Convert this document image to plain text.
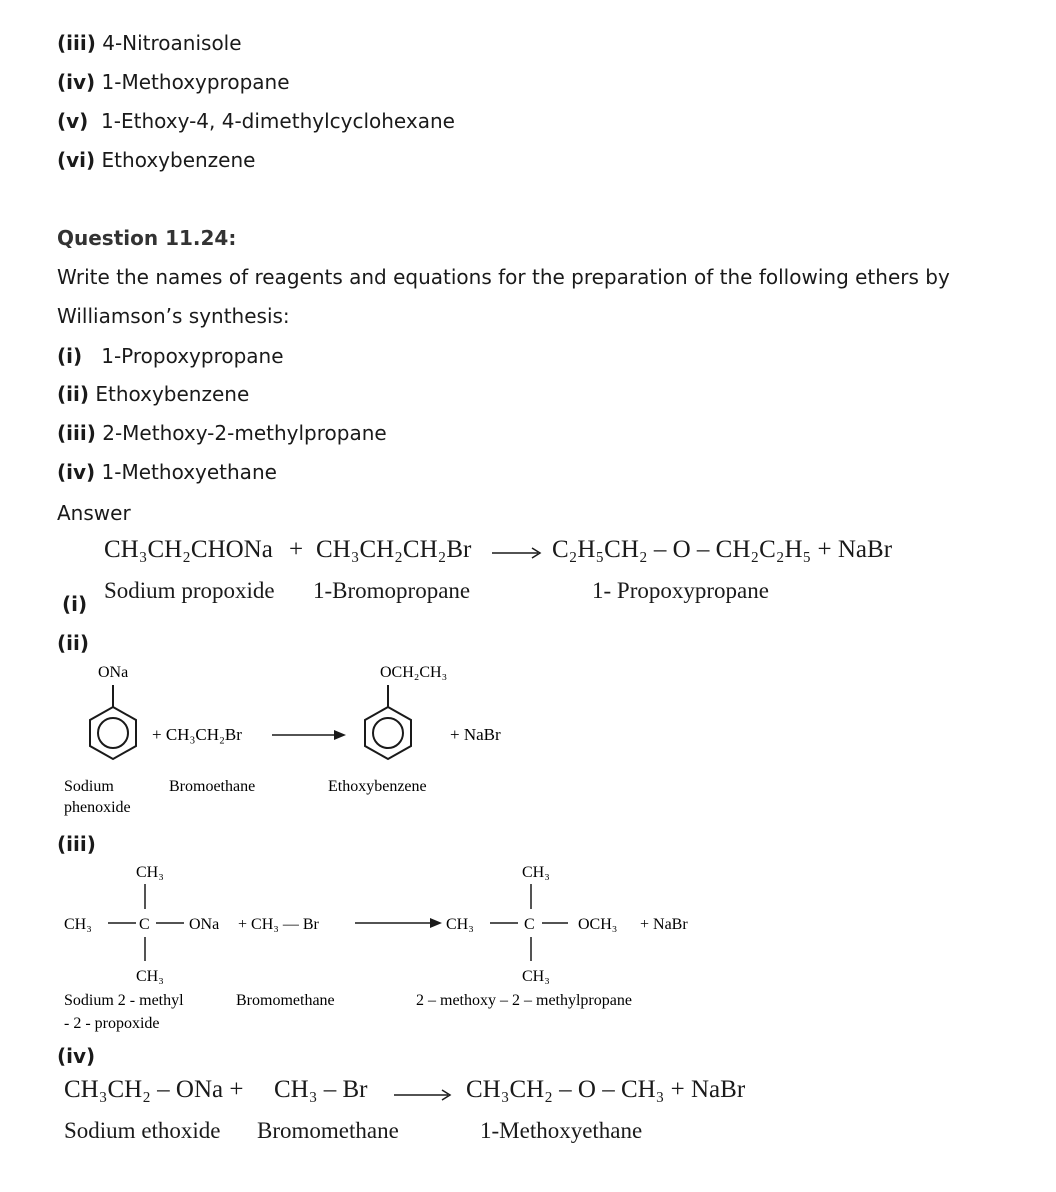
(iii) 4-Nitroanisole
(iv) 1-Methoxypropane
(v) 1-Ethoxy-4, 4-dimethylcyclohexane
(vi) Ethoxybenzene
Question 11.24:
Write the names of reagents and equations for the preparation of the following ethers by
Williamson’s synthesis:
(i) 1-Propoxypropane
(ii) Ethoxybenzene
(iii) 2-Methoxy-2-methylpropane
(iv) 1-Methoxyethane
Answer
CH₃CH₂CHONa + CH₃CH₂CH₂Br → C₂H₅CH₂ – O – CH₂C₂H₅ + NaBr
(i)
Sodium propoxide 1-Bromopropane	1- Propoxypropane
(ii)
ONa
+ CH₃CH₂Br
OCH₂CH₃
+ NaBr
Sodium
phenoxide
Bromoethane	Ethoxybenzene
(iii)
CH₃
CH₃	C ONa
CH₃
+ CH₃ — Br
CH₃
CH₃	C	OCH₃
CH₃
+ NaBr
Sodium 2 - methyl
- 2 - propoxide
Bromomethane	2 – methoxy – 2 – methylpropane
(iv)
CH₃CH₂ – ONa + CH₃ – Br	CH₃CH₂ – O – CH₃ + NaBr
Sodium ethoxide Bromomethane	1-Methoxyethane
